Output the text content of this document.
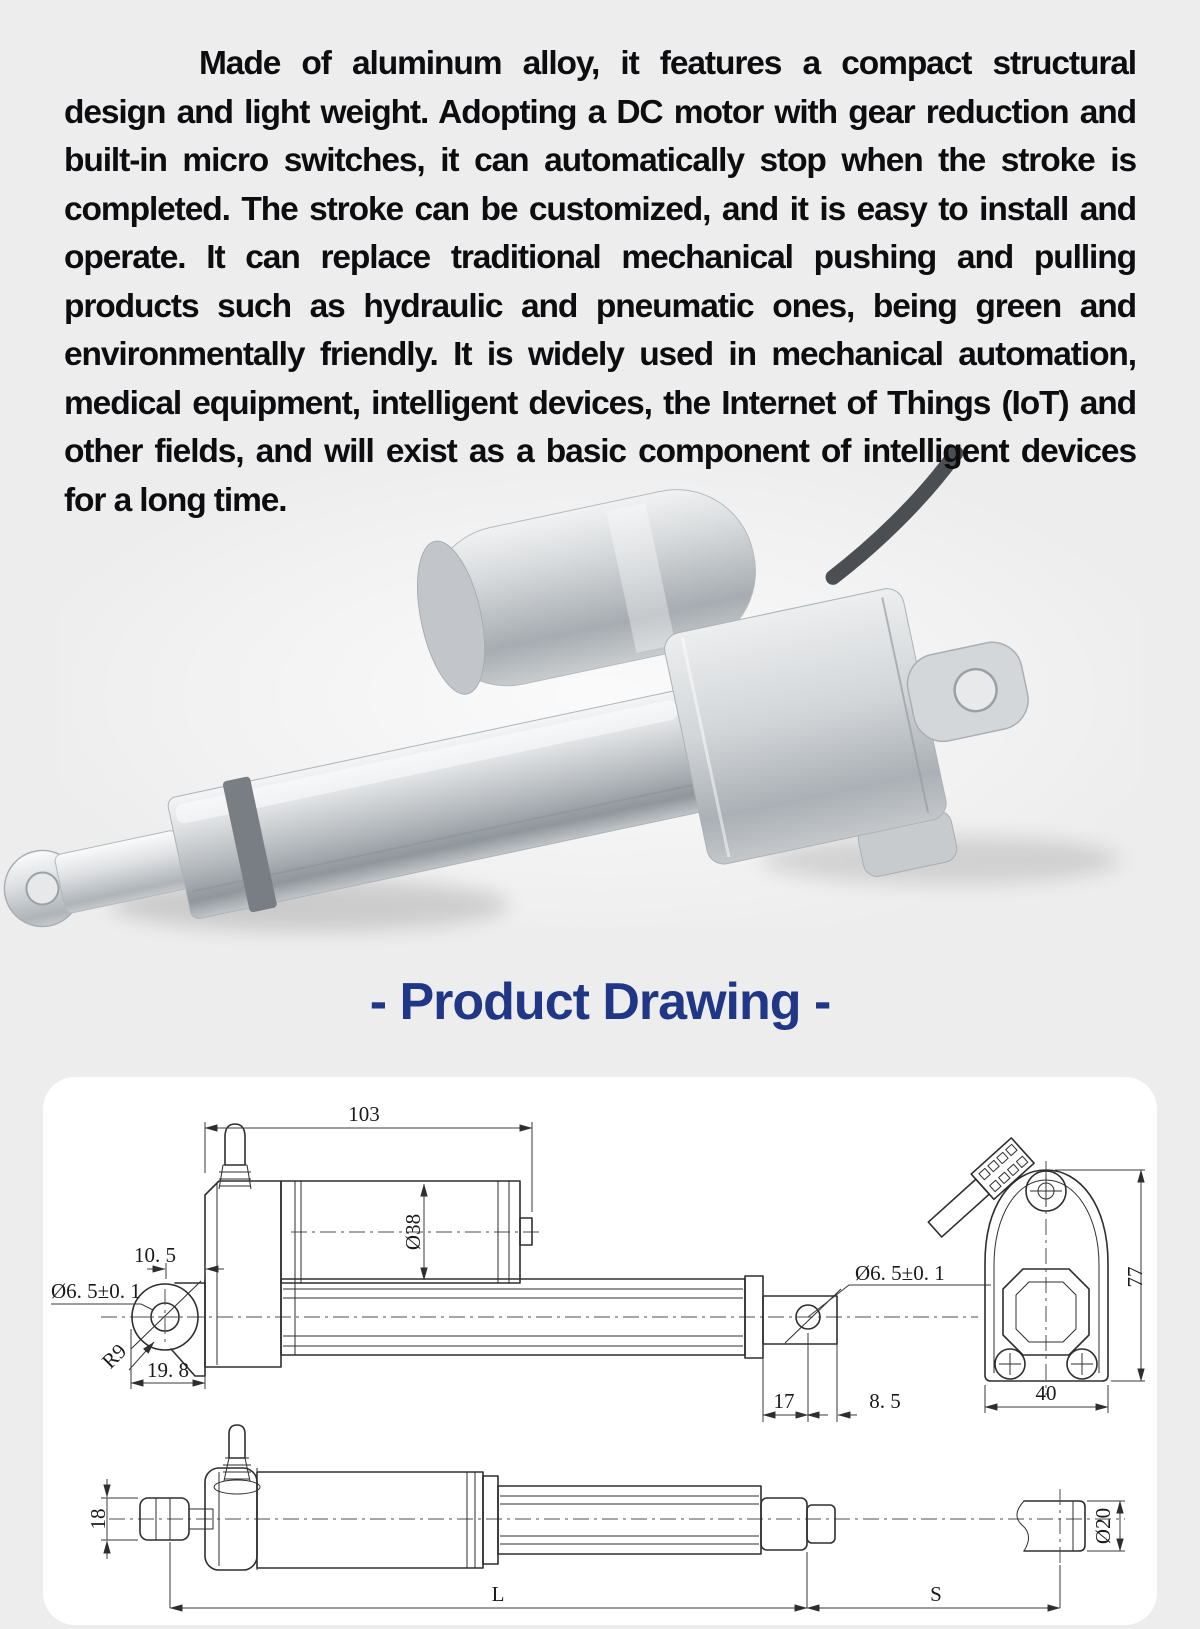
Made of aluminum alloy, it features a compact structural design and light weight. Adopting a DC motor with gear reduction and built-in micro switches, it can automatically stop when the stroke is completed. The stroke can be customized, and it is easy to install and operate. It can replace traditional mechanical pushing and pulling products such as hydraulic and pneumatic ones, being green and environmentally friendly. It is widely used in mechanical automation, medical equipment, intelligent devices, the Internet of Things (IoT) and other fields, and will exist as a basic component of intelligent devices for a long time.

- Product Drawing -
103
Ø38
10. 5
Ø6. 5±0. 1
R9 19. 8
Ø6. 5±0. 1
17	8. 5
77
40
18	Ø20
L	S
